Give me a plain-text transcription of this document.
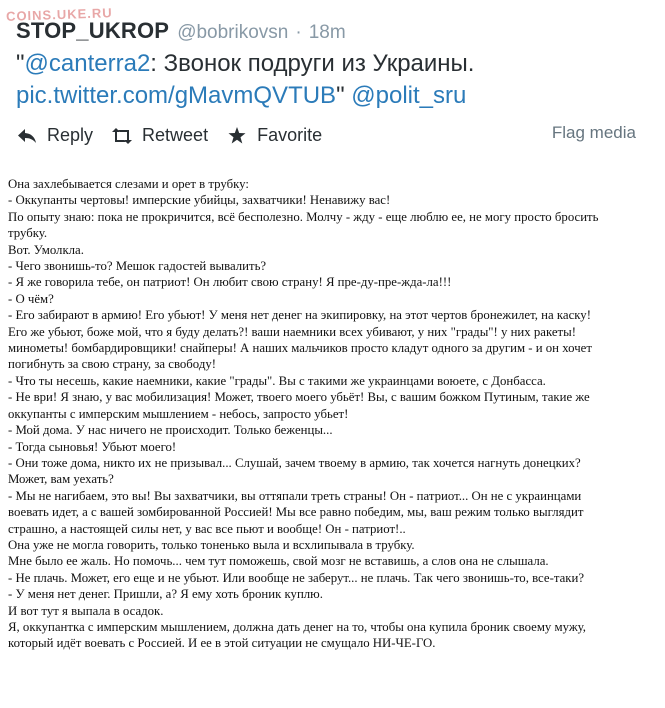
COINS.UKE.RU
STOP_UKROP @bobrikovsn · 18m
"@canterra2: Звонок подруги из Украины.
pic.twitter.com/gMavmQVTUB" @polit_sru
Reply	Retweet	Favorite	Flag media

Она захлебывается слезами и орет в трубку:

- Оккупанты чертовы! имперские убийцы, захватчики! Ненавижу вас!

По опыту знаю: пока не прокричится, всё бесполезно. Молчу - жду - еще люблю ее, не могу просто бросить

трубку.

Вот. Умолкла.

- Чего звонишь-то? Мешок гадостей вывалить?

- Я же говорила тебе, он патриот! Он любит свою страну! Я пре-ду-пре-жда-ла!!!

- О чём?

- Его забирают в армию! Его убьют! У меня нет денег на экипировку, на этот чертов бронежилет, на каску!

Его же убьют, боже мой, что я буду делать?! ваши наемники всех убивают, у них "грады"! у них ракеты!

минометы! бомбардировщики! снайперы! А наших мальчиков просто кладут одного за другим - и он хочет

погибнуть за свою страну, за свободу!

- Что ты несешь, какие наемники, какие "грады". Вы с такими же украинцами воюете, с Донбасса.

- Не ври! Я знаю, у вас мобилизация! Может, твоего моего убьёт! Вы, с вашим божком Путиным, такие же

оккупанты с имперским мышлением - небось, запросто убьет!

- Мой дома. У нас ничего не происходит. Только беженцы...

- Тогда сыновья! Убьют моего!

- Они тоже дома, никто их не призывал... Слушай, зачем твоему в армию, так хочется нагнуть донецких?

Может, вам уехать?

- Мы не нагибаем, это вы! Вы захватчики, вы оттяпали треть страны! Он - патриот... Он не с украинцами

воевать идет, а с вашей зомбированной Россией! Мы все равно победим, мы, ваш режим только выглядит

страшно, а настоящей силы нет, у вас все пьют и вообще! Он - патриот!..

Она уже не могла говорить, только тоненько выла и всхлипывала в трубку.

Мне было ее жаль. Но помочь... чем тут поможешь, свой мозг не вставишь, а слов она не слышала.

- Не плачь. Может, его еще и не убьют. Или вообще не заберут... не плачь. Так чего звонишь-то, все-таки?

- У меня нет денег. Пришли, а? Я ему хоть броник куплю.

И вот тут я выпала в осадок.

Я, оккупантка с имперским мышлением, должна дать денег на то, чтобы она купила броник своему мужу,

который идёт воевать с Россией. И ее в этой ситуации не смущало НИ-ЧЕ-ГО.
